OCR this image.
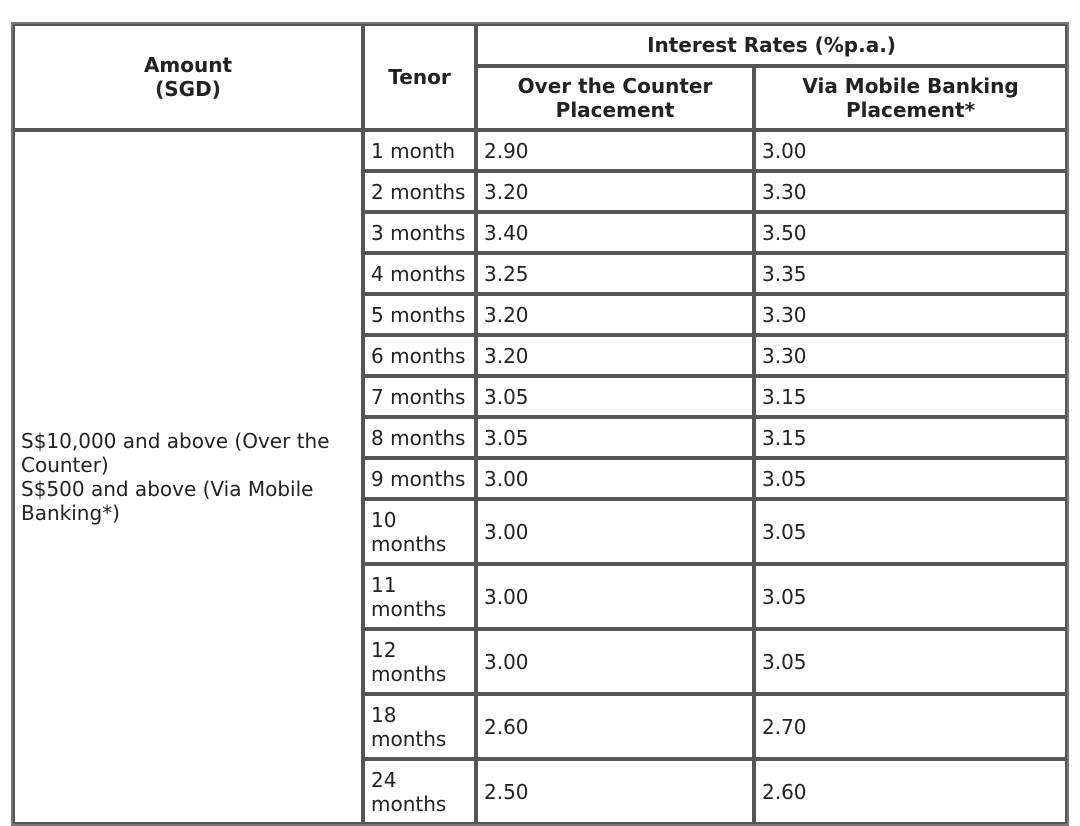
Amount
(SGD)	Tenor	Interest Rates (%p.a.)	
		Over the Counter Placement	Via Mobile Banking Placement*

S$10,000 and above (Over the Counter)
S$500 and above (Via Mobile Banking*)	1 month	2.90	3.00
	2 months	3.20	3.30
	3 months	3.40	3.50
	4 months	3.25	3.35
	5 months	3.20	3.30
	6 months	3.20	3.30
	7 months	3.05	3.15
	8 months	3.05	3.15
	9 months	3.00	3.05
	10 months	3.00	3.05
	11 months	3.00	3.05
	12 months	3.00	3.05
	18 months	2.60	2.70
	24 months	2.50	2.60
